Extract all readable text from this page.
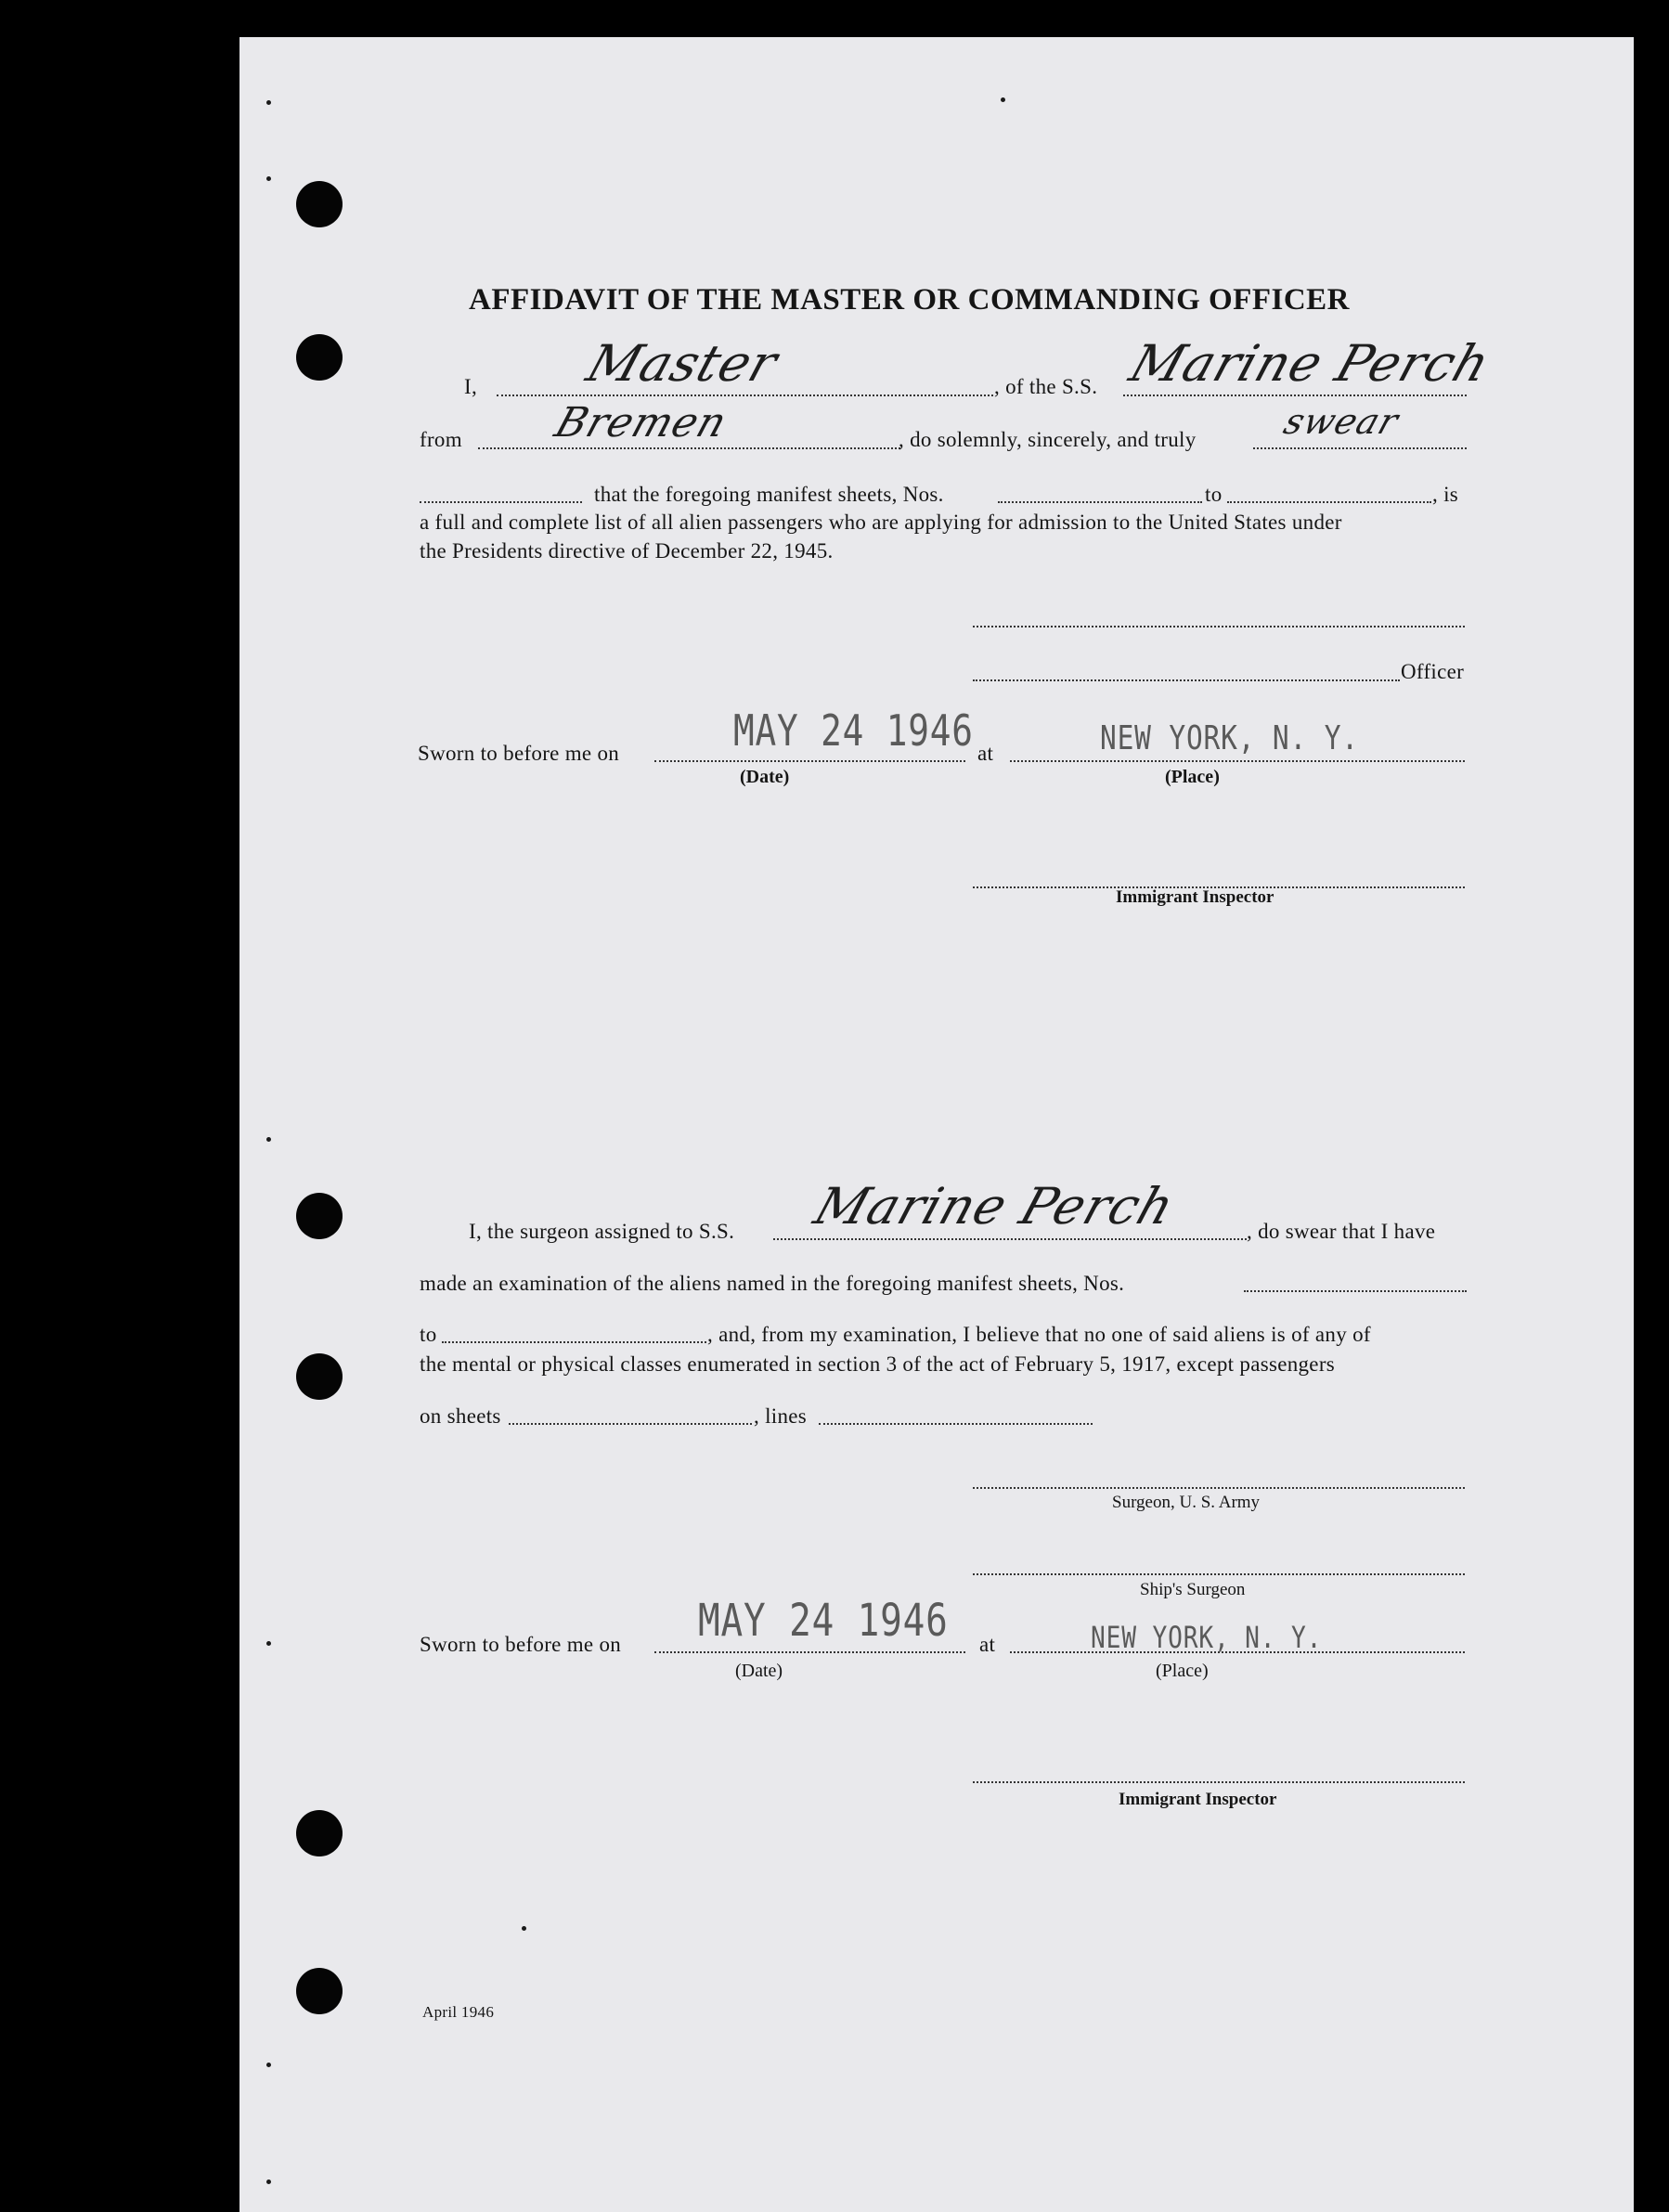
AFFIDAVIT OF THE MASTER OR COMMANDING OFFICER
I, Master	, of the S.S. Marine Perch
from Bremen	, do solemnly, sincerely, and truly swear
that the foregoing manifest sheets, Nos.	to	, is
a full and complete list of all alien passengers who are applying for admission to the United States under
the Presidents directive of December 22, 1945.
Officer
Sworn to before me on	MAY 24 1946
(Date)
at	NEW YORK, N. Y.
(Place)
Immigrant Inspector
I, the surgeon assigned to S.S. Marine Perch	, do swear that I have
made an examination of the aliens named in the foregoing manifest sheets, Nos.
to	, and, from my examination, I believe that no one of said aliens is of any of
the mental or physical classes enumerated in section 3 of the act of February 5, 1917, except passengers
on sheets	, lines
Surgeon, U. S. Army
Ship's Surgeon
Sworn to before me on MAY 24 1946
(Date)
at	NEW YORK, N. Y.
(Place)
Immigrant Inspector
April 1946
